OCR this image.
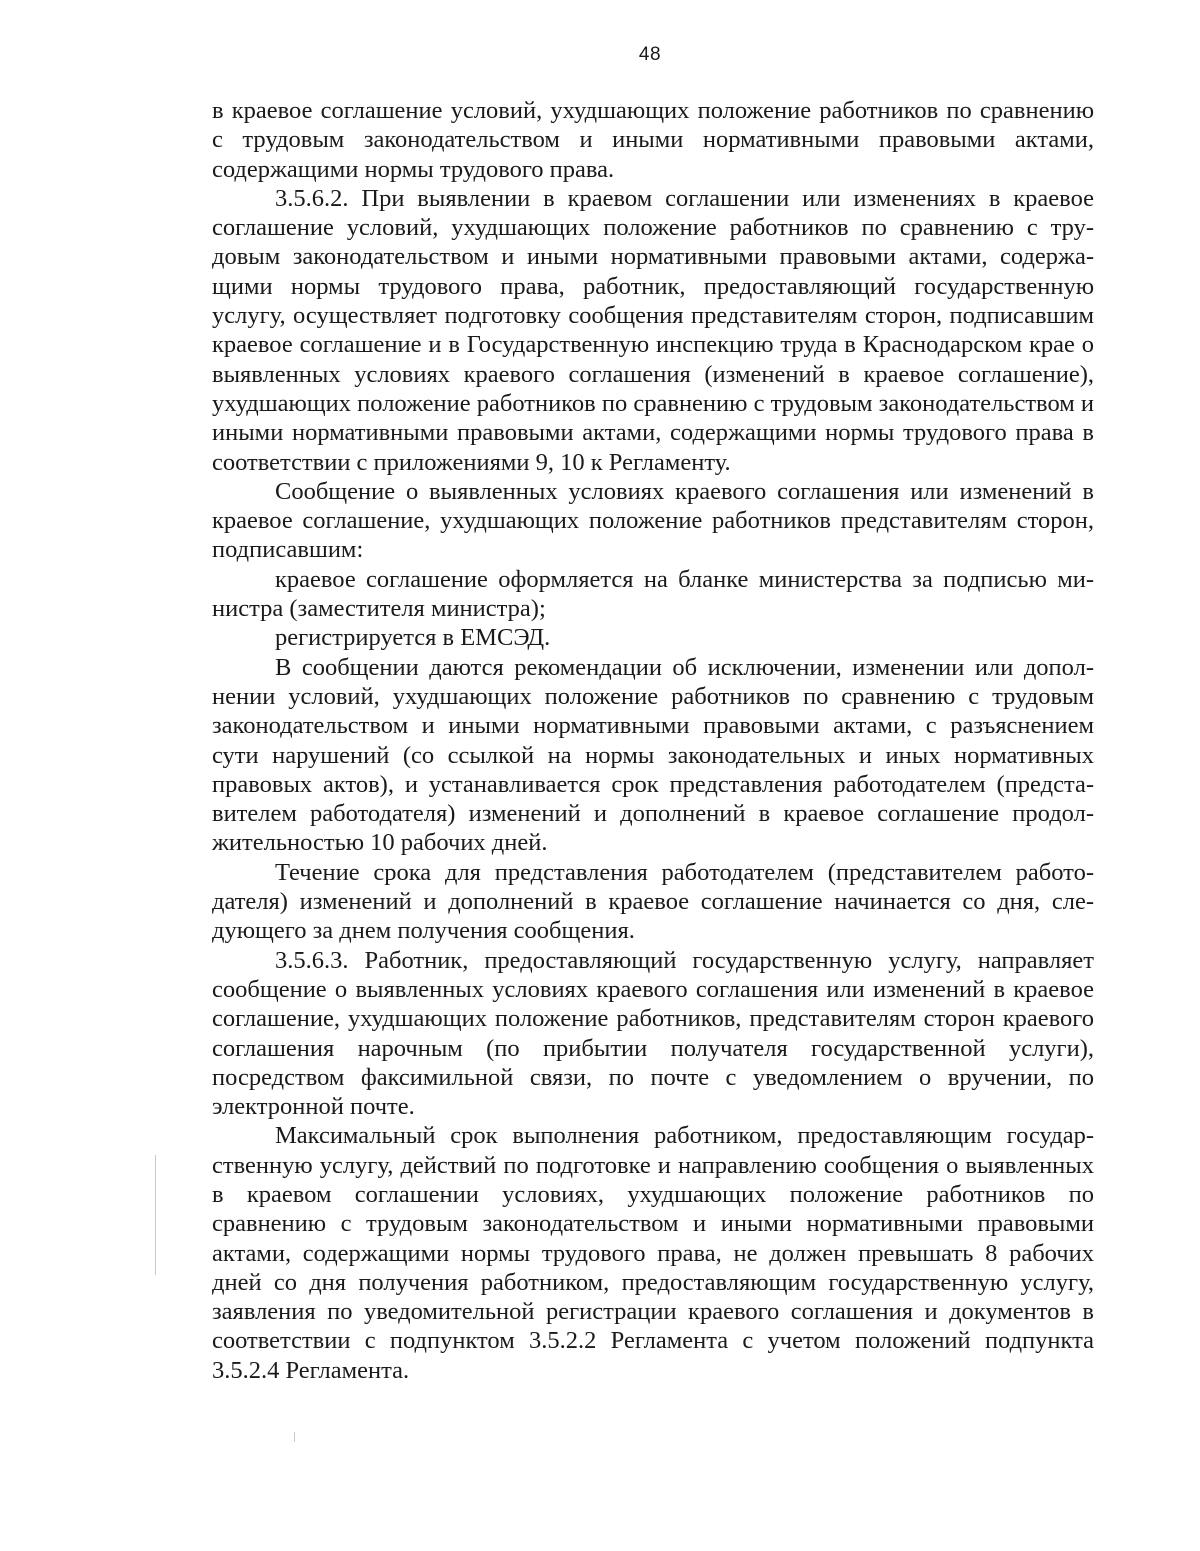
48

в краевое соглашение условий, ухудшающих положение работников по сравнению с трудовым законодательством и иными нормативными правовыми актами, содержащими нормы трудового права.

3.5.6.2. При выявлении в краевом соглашении или изменениях в краевое соглашение условий, ухудшающих положение работников по сравнению с трудовым законодательством и иными нормативными правовыми актами, содержащими нормы трудового права, работник, предоставляющий государственную услугу, осуществляет подготовку сообщения представителям сторон, подписавшим краевое соглашение и в Государственную инспекцию труда в Краснодарском крае о выявленных условиях краевого соглашения (изменений в краевое соглашение), ухудшающих положение работников по сравнению с трудовым законодательством и иными нормативными правовыми актами, содержащими нормы трудового права в соответствии с приложениями 9, 10 к Регламенту.

Сообщение о выявленных условиях краевого соглашения или изменений в краевое соглашение, ухудшающих положение работников представителям сторон, подписавшим:

краевое соглашение оформляется на бланке министерства за подписью министра (заместителя министра);

регистрируется в ЕМСЭД.

В сообщении даются рекомендации об исключении, изменении или дополнении условий, ухудшающих положение работников по сравнению с трудовым законодательством и иными нормативными правовыми актами, с разъяснением сути нарушений (со ссылкой на нормы законодательных и иных нормативных правовых актов), и устанавливается срок представления работодателем (представителем работодателя) изменений и дополнений в краевое соглашение продолжительностью 10 рабочих дней.

Течение срока для представления работодателем (представителем работодателя) изменений и дополнений в краевое соглашение начинается со дня, следующего за днем получения сообщения.

3.5.6.3. Работник, предоставляющий государственную услугу, направляет сообщение о выявленных условиях краевого соглашения или изменений в краевое соглашение, ухудшающих положение работников, представителям сторон краевого соглашения нарочным (по прибытии получателя государственной услуги), посредством факсимильной связи, по почте с уведомлением о вручении, по электронной почте.

Максимальный срок выполнения работником, предоставляющим государственную услугу, действий по подготовке и направлению сообщения о выявленных в краевом соглашении условиях, ухудшающих положение работников по сравнению с трудовым законодательством и иными нормативными правовыми актами, содержащими нормы трудового права, не должен превышать 8 рабочих дней со дня получения работником, предоставляющим государственную услугу, заявления по уведомительной регистрации краевого соглашения и документов в соответствии с подпунктом 3.5.2.2 Регламента с учетом положений подпункта 3.5.2.4 Регламента.
